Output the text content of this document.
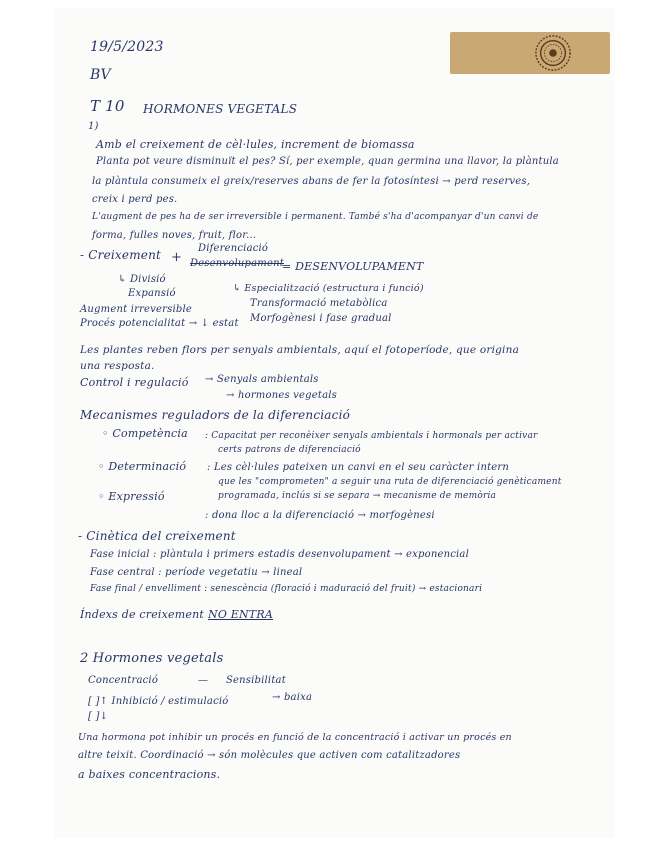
19/5/2023
BV
T 10 HORMONES VEGETALS
1)
Amb el creixement de cèl·lules, increment de biomassa
Planta pot veure disminuït el pes? Sí, per exemple, quan germina una llavor, la plàntula
la plàntula consumeix el greix/reserves abans de fer la fotosíntesi → perd reserves,
creix i perd pes.
L'augment de pes ha de ser irreversible i permanent. També s'ha d'acompanyar d'un canvi de
forma, fulles noves, fruit, flor...
- Creixement +
Diferenciació
Desenvolupament
= DESENVOLUPAMENT
↳ Divisió
Expansió
Augment irreversible
Procés potencialitat → ↓ estat
↳ Especialització (estructura i funció)
Transformació metabòlica
Morfogènesi i fase gradual
Les plantes reben flors per senyals ambientals, aquí el fotoperíode, que origina
una resposta.
Control i regulació → Senyals ambientals
→ hormones vegetals
Mecanismes reguladors de la diferenciació
◦ Competència : Capacitat per reconèixer senyals ambientals i hormonals per activar
certs patrons de diferenciació
◦ Determinació : Les cèl·lules pateixen un canvi en el seu caràcter intern
que les "comprometen" a seguir una ruta de diferenciació genèticament
programada, inclús si se separa → mecanisme de memòria
◦ Expressió
: dona lloc a la diferenciació → morfogènesi
- Cinètica del creixement
Fase inicial : plàntula i primers estadis desenvolupament → exponencial
Fase central : període vegetatiu → lineal
Fase final / envelliment : senescència (floració i maduració del fruit) → estacionari
Índexs de creixement NO ENTRA
2 Hormones vegetals
Concentració	— Sensibilitat
→ baixa
[ ]↑ Inhibició / estimulació
[ ]↓
Una hormona pot inhibir un procés en funció de la concentració i activar un procés en
altre teixit. Coordinació → són molècules que activen com catalitzadores
a baixes concentracions.
